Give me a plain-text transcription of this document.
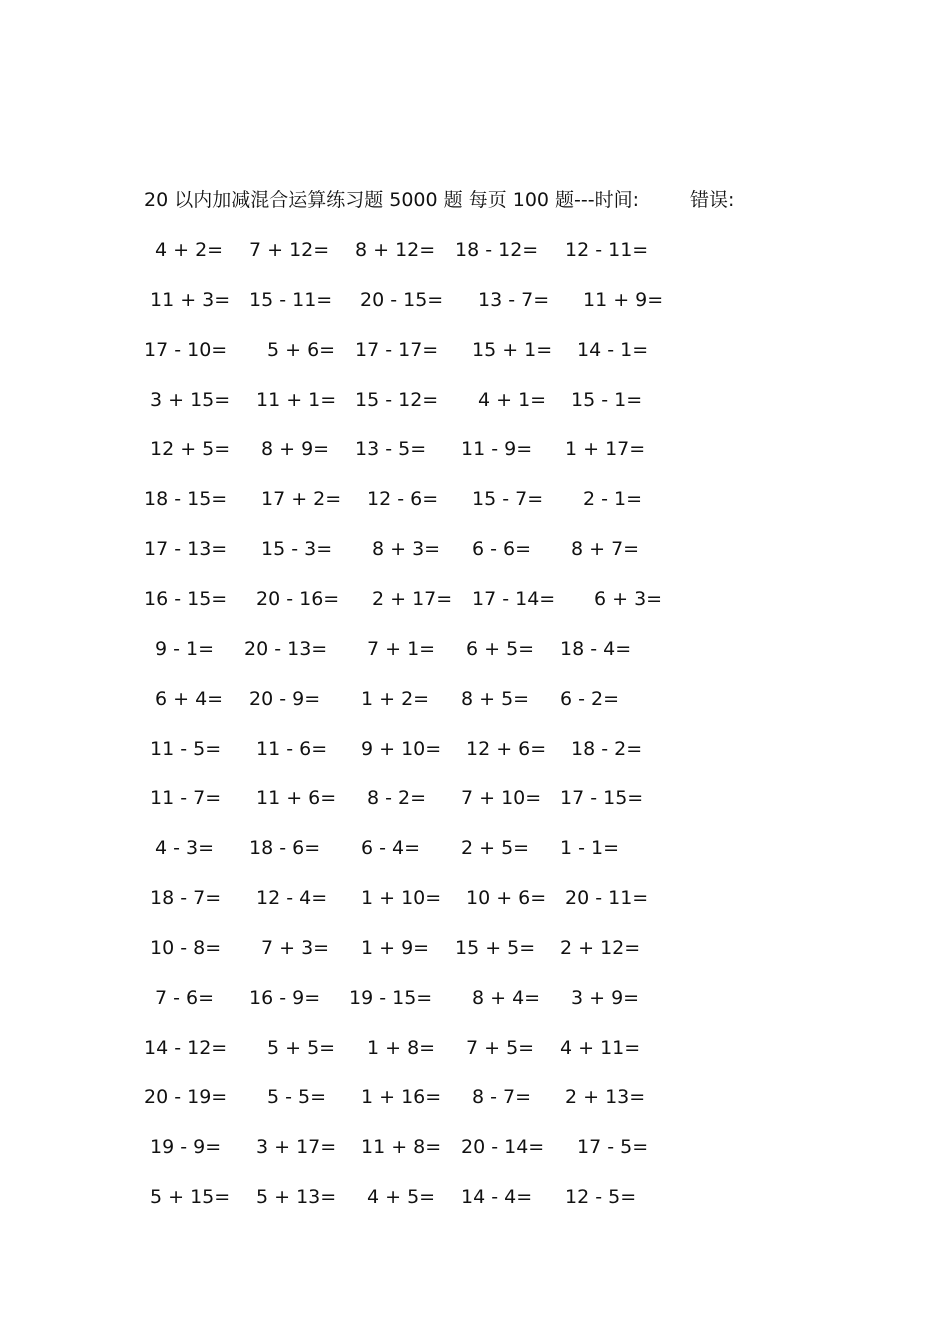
20 以内加减混合运算练习题 5000 题 每页 100 题---时间:	错误:
4 + 2= 7 + 12= 8 + 12= 18 - 12= 12 - 11=
11 + 3= 15 - 11= 20 - 15= 13 - 7= 11 + 9=
17 - 10= 5 + 6= 17 - 17= 15 + 1= 14 - 1=
3 + 15= 11 + 1= 15 - 12= 4 + 1= 15 - 1=
12 + 5= 8 + 9= 13 - 5= 11 - 9= 1 + 17=
18 - 15= 17 + 2= 12 - 6= 15 - 7= 2 - 1=
17 - 13= 15 - 3= 8 + 3= 6 - 6= 8 + 7=
16 - 15= 20 - 16= 2 + 17= 17 - 14= 6 + 3=
9 - 1= 20 - 13= 7 + 1= 6 + 5= 18 - 4=
6 + 4= 20 - 9= 1 + 2= 8 + 5= 6 - 2=
11 - 5= 11 - 6= 9 + 10= 12 + 6= 18 - 2=
11 - 7= 11 + 6= 8 - 2= 7 + 10= 17 - 15=
4 - 3= 18 - 6= 6 - 4= 2 + 5= 1 - 1=
18 - 7= 12 - 4= 1 + 10= 10 + 6= 20 - 11=
10 - 8= 7 + 3= 1 + 9= 15 + 5= 2 + 12=
7 - 6= 16 - 9= 19 - 15= 8 + 4= 3 + 9=
14 - 12= 5 + 5= 1 + 8= 7 + 5= 4 + 11=
20 - 19= 5 - 5= 1 + 16= 8 - 7= 2 + 13=
19 - 9= 3 + 17= 11 + 8= 20 - 14= 17 - 5=
5 + 15= 5 + 13= 4 + 5= 14 - 4= 12 - 5=
